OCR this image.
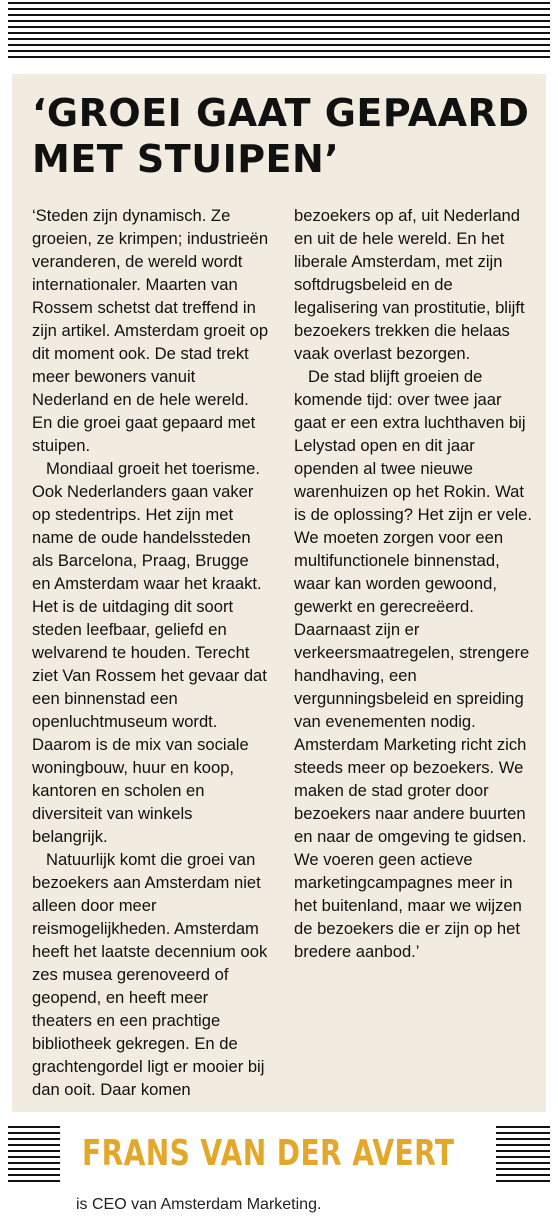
‘GROEI GAAT GEPAARD MET STUIPEN’

‘Steden zijn dynamisch. Ze groeien, ze krimpen; industrieën veranderen, de wereld wordt internationaler. Maarten van Rossem schetst dat treffend in zijn artikel. Amsterdam groeit op dit moment ook. De stad trekt meer bewoners vanuit Nederland en de hele wereld. En die groei gaat gepaard met stuipen.

Mondiaal groeit het toerisme. Ook Nederlanders gaan vaker op stedentrips. Het zijn met name de oude handelssteden als Barcelona, Praag, Brugge en Amsterdam waar het kraakt. Het is de uitdaging dit soort steden leefbaar, geliefd en welvarend te houden. Terecht ziet Van Rossem het gevaar dat een binnenstad een openluchtmuseum wordt. Daarom is de mix van sociale woningbouw, huur en koop, kantoren en scholen en diversiteit van winkels belangrijk.

Natuurlijk komt die groei van bezoekers aan Amsterdam niet alleen door meer reismogelijkheden. Amsterdam heeft het laatste decennium ook zes musea gerenoveerd of geopend, en heeft meer theaters en een prachtige bibliotheek gekregen. En de grachtengordel ligt er mooier bij dan ooit. Daar komen bezoekers op af, uit Nederland en uit de hele wereld. En het liberale Amsterdam, met zijn softdrugsbeleid en de legalisering van prostitutie, blijft bezoekers trekken die helaas vaak overlast bezorgen.

De stad blijft groeien de komende tijd: over twee jaar gaat er een extra luchthaven bij Lelystad open en dit jaar openden al twee nieuwe warenhuizen op het Rokin. Wat is de oplossing? Het zijn er vele. We moeten zorgen voor een multifunctionele binnenstad, waar kan worden gewoond, gewerkt en gerecreëerd. Daarnaast zijn er verkeersmaatregelen, strengere handhaving, een vergunningsbeleid en spreiding van evenementen nodig. Amsterdam Marketing richt zich steeds meer op bezoekers. We maken de stad groter door bezoekers naar andere buurten en naar de omgeving te gidsen. We voeren geen actieve marketingcampagnes meer in het buitenland, maar we wijzen de bezoekers die er zijn op het bredere aanbod.’

FRANS VAN DER AVERT
is CEO van Amsterdam Marketing.
